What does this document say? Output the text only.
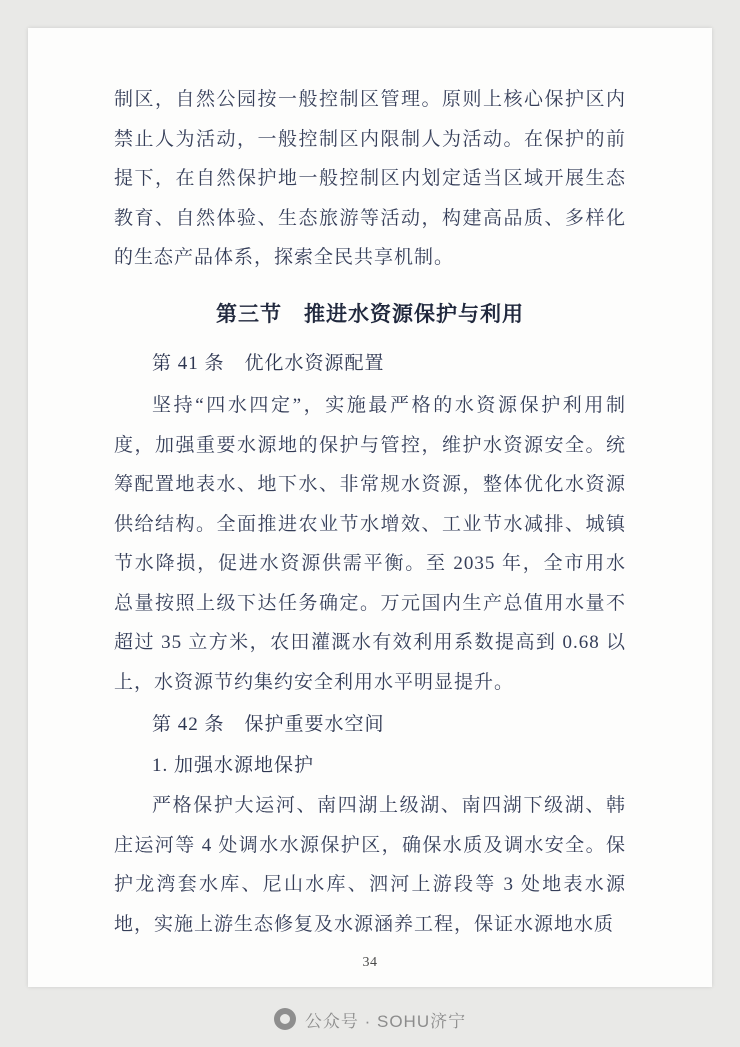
制区，自然公园按一般控制区管理。原则上核心保护区内禁止人为活动，一般控制区内限制人为活动。在保护的前提下，在自然保护地一般控制区内划定适当区域开展生态教育、自然体验、生态旅游等活动，构建高品质、多样化的生态产品体系，探索全民共享机制。

第三节　推进水资源保护与利用
第 41 条　优化水资源配置

坚持“四水四定”，实施最严格的水资源保护利用制度，加强重要水源地的保护与管控，维护水资源安全。统筹配置地表水、地下水、非常规水资源，整体优化水资源供给结构。全面推进农业节水增效、工业节水减排、城镇节水降损，促进水资源供需平衡。至 2035 年，全市用水总量按照上级下达任务确定。万元国内生产总值用水量不超过 35 立方米，农田灌溉水有效利用系数提高到 0.68 以上，水资源节约集约安全利用水平明显提升。

第 42 条　保护重要水空间

1. 加强水源地保护

严格保护大运河、南四湖上级湖、南四湖下级湖、韩庄运河等 4 处调水水源保护区，确保水质及调水安全。保护龙湾套水库、尼山水库、泗河上游段等 3 处地表水源地，实施上游生态修复及水源涵养工程，保证水源地水质

34
公众号 · SOHU济宁
